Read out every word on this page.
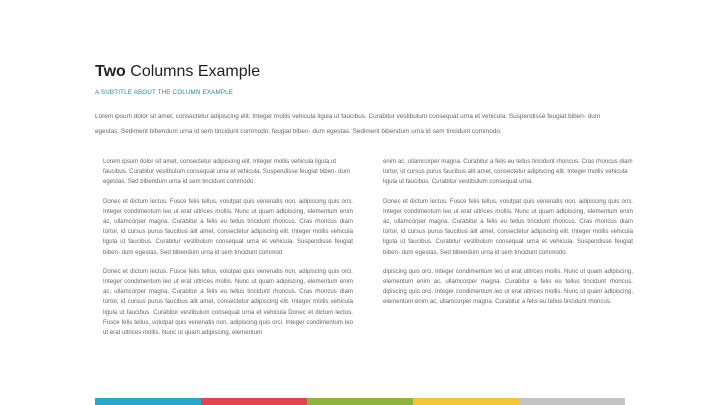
Two Columns Example
A SUBTITLE ABOUT THE COLUMN EXAMPLE
Lorem ipsum dolor sit amet, consectetur adipiscing elit. Integer mollis vehicula ligula ut faucibus. Curabitur vestibulum consequat urna et vehicula. Suspendisse feugiat biben- dum egestas. Sediment bibendum urna id sem tincidunt commodo. feugiat biben- dum egestas. Sediment bibendum urna id sem tincidunt commodo.

Lorem ipsum dolor sit amet, consectetur adipiscing elit. Integer mollis vehicula ligula ut faucibus. Curabitur vestibulum consequat urna et vehicula. Suspendisse feugiat biben- dum egestas. Sed bibendum urna id sem tincidunt commodo.

Donec et dictum lectus. Fusce felis tellus, volutpat quis venenatis non, adipiscing quis orci. Integer condimentum leo ut erat ultrices mollis. Nunc ut quam adipiscing, elementum enim ac, ullamcorper magna. Curabitur a felis eu tellus tincidunt rhoncus. Cras rhoncus diam tortor, id cursus purus faucibus alit amet, consectetur adipiscing elit. Integer mollis vehicula ligula ut faucibus. Curabitur vestibulum consequat urna et vehicula. Suspendisse feugiat biben- dum egestas. Sed bibendum urna id sem tincidunt commod

Donec et dictum lectus. Fusce felis tellus, volutpat quis venenatis non, adipiscing quis orci. Integer condimentum leo ut erat ultrices mollis. Nunc ut quam adipiscing, elementum enim ac, ullamcorper magna. Curabitur a felis eu tellus tincidunt rhoncus. Cras rhoncus diam tortor, id cursus purus faucibus alit amet, consectetur adipiscing elit. Integer mollis vehicula ligula ut faucibus. Curabitur vestibulum consequat urna et vehicula Donec et dictum lectus. Fusce felis tellus, volutpat quis venenatis non, adipiscing quis orci. Integer condimentum leo ut erat ultrices mollis. Nunc ut quam adipiscing, elementum

enim ac, ullamcorper magna. Curabitur a felis eu tellus tincidunt rhoncus. Cras rhoncus diam tortor, id cursus purus faucibus alit amet, consectetur adipiscing elit. Integer mollis vehicula ligula ut faucibus. Curabitur vestibulum consequat urna.

Donec et dictum lectus. Fusce felis tellus, volutpat quis venenatis non, adipiscing quis orci. Integer condimentum leo ut erat ultrices mollis. Nunc ut quam adipiscing, elementum enim ac, ullamcorper magna. Curabitur a felis eu tellus tincidunt rhoncus. Cras rhoncus diam tortor, id cursus purus faucibus alit amet, consectetur adipiscing elit. Integer mollis vehicula ligula ut faucibus. Curabitur vestibulum consequat urna et vehicula. Suspendisse feugiat biben- dum egestas. Sed bibendum urna id sem tincidunt commodo.

dipiscing quis orci. Integer condimentum leo ut erat ultrices mollis. Nunc ut quam adipiscing, elementum enim ac, ullamcorper magna. Curabitur a felis eu tellus tincidunt rhoncus. dipiscing quis orci. Integer condimentum leo ut erat ultrices mollis. Nunc ut quam adipiscing, elementum enim ac, ullamcorper magna. Curabitur a felis eu tellus tincidunt rhoncus.
